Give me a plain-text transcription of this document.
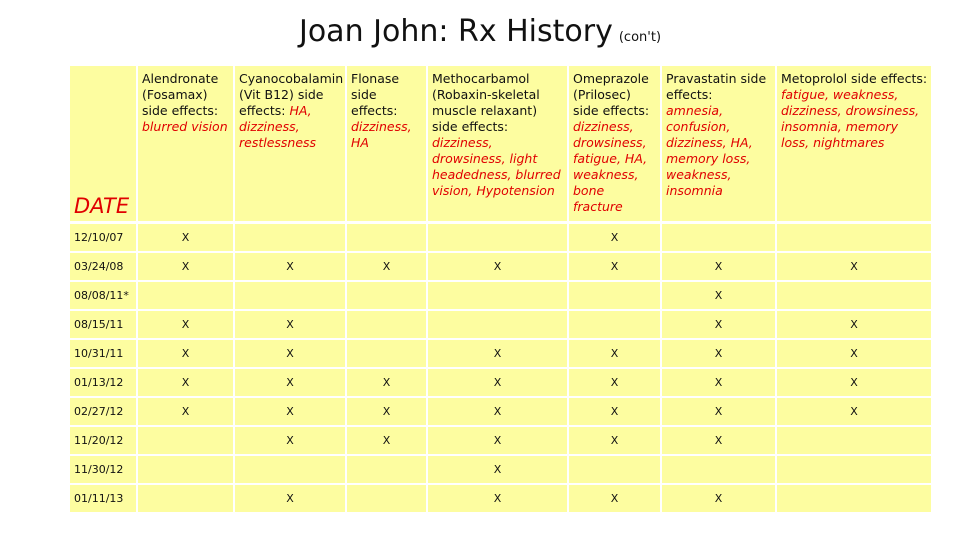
Joan John: Rx History (con't)
DATE	Alendronate (Fosamax) side effects: blurred vision	Cyanocobalamin (Vit B12) side effects: HA, dizziness, restlessness	Flonase side effects: dizziness, HA	Methocarbamol (Robaxin-skeletal muscle relaxant) side effects: dizziness, drowsiness, light headedness, blurred vision, Hypotension	Omeprazole (Prilosec) side effects: dizziness, drowsiness, fatigue, HA, weakness, bone fracture	Pravastatin side effects: amnesia, confusion, dizziness, HA, memory loss, weakness, insomnia	Metoprolol side effects: fatigue, weakness, dizziness, drowsiness, insomnia, memory loss, nightmares
12/10/07	X				X		
03/24/08	X	X	X	X	X	X	X
08/08/11*						X	
08/15/11	X	X				X	X
10/31/11	X	X		X	X	X	X
01/13/12	X	X	X	X	X	X	X
02/27/12	X	X	X	X	X	X	X
11/20/12		X	X	X	X	X	
11/30/12				X			
01/11/13		X		X	X	X	
